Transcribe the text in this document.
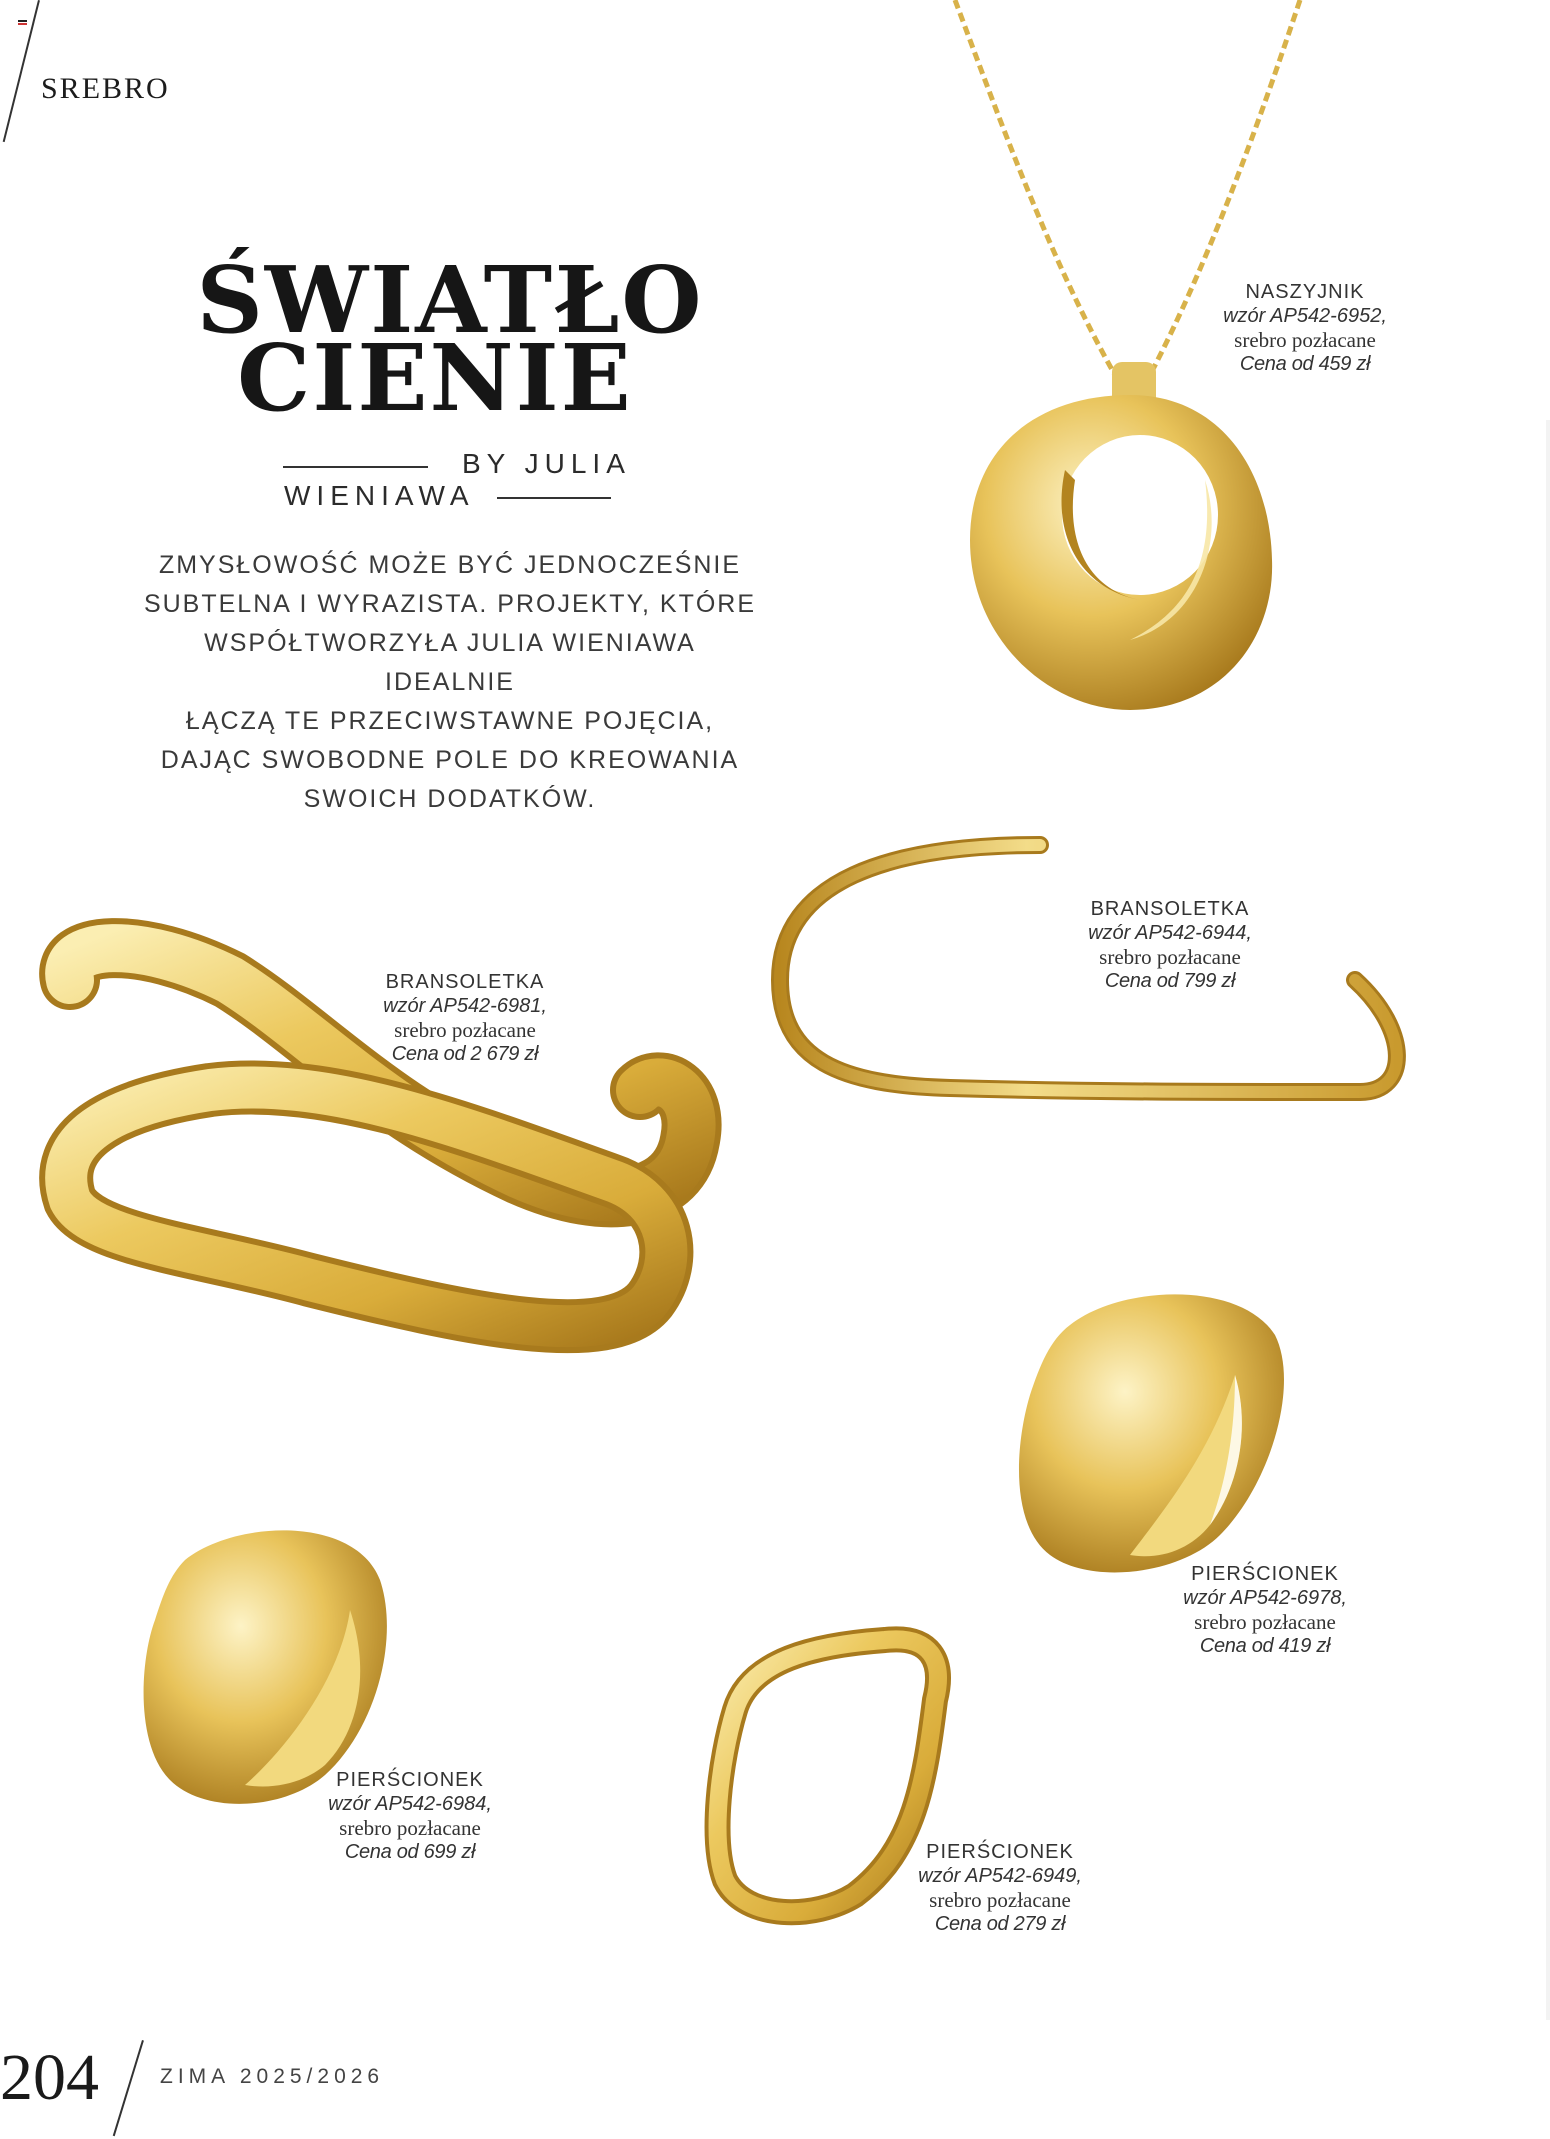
SREBRO
ŚWIATŁO
CIENIE
BY JULIA
WIENIAWA
ZMYSŁOWOŚĆ MOŻE BYĆ JEDNOCZEŚNIE
SUBTELNA I WYRAZISTA. PROJEKTY, KTÓRE
WSPÓŁTWORZYŁA JULIA WIENIAWA IDEALNIE
ŁĄCZĄ TE PRZECIWSTAWNE POJĘCIA,
DAJĄC SWOBODNE POLE DO KREOWANIA
SWOICH DODATKÓW.
NASZYJNIK
wzór AP542-6952,
srebro pozłacane
Cena od 459 zł
BRANSOLETKA
wzór AP542-6944,
srebro pozłacane
Cena od 799 zł
BRANSOLETKA
wzór AP542-6981,
srebro pozłacane
Cena od 2 679 zł
PIERŚCIONEK
wzór AP542-6978,
srebro pozłacane
Cena od 419 zł
PIERŚCIONEK
wzór AP542-6984,
srebro pozłacane
Cena od 699 zł	PIERŚCIONEK
wzór AP542-6949,
srebro pozłacane
Cena od 279 zł
204	ZIMA 2025/2026
